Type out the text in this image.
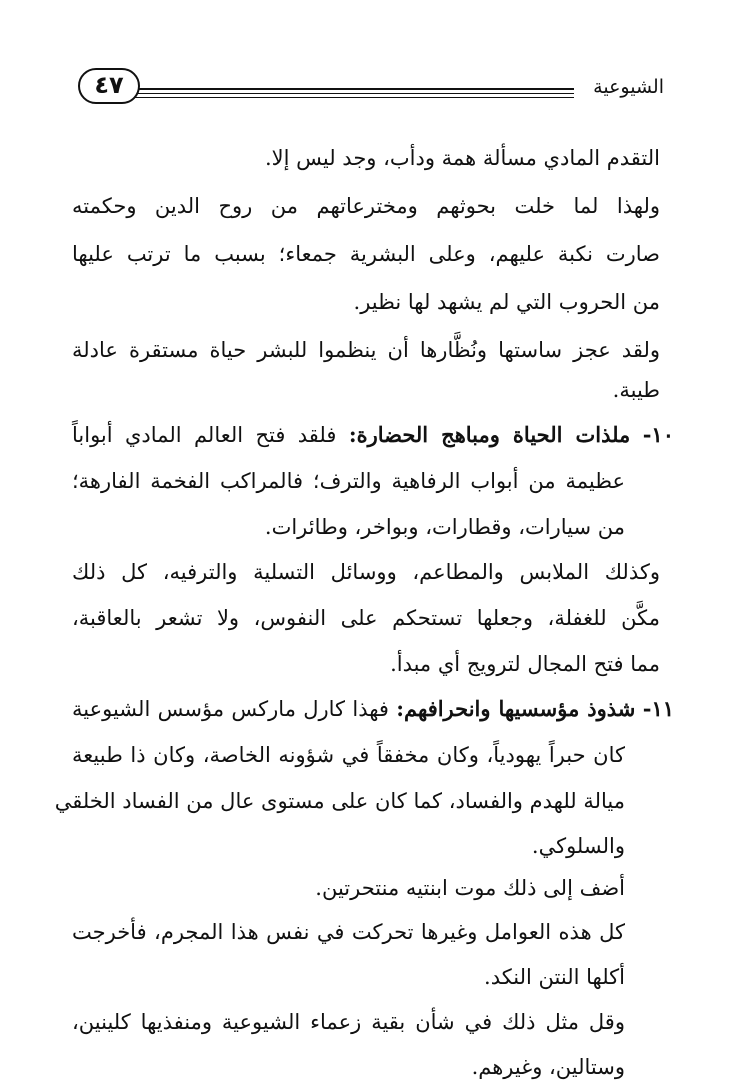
الشيوعية
٤٧
التقدم المادي مسألة همة ودأب، وجد ليس إلا.
ولهذا لما خلت بحوثهم ومخترعاتهم من روح الدين وحكمته
صارت نكبة عليهم، وعلى البشرية جمعاء؛ بسبب ما ترتب عليها
من الحروب التي لم يشهد لها نظير.
ولقد عجز ساستها ونُظَّارها أن ينظموا للبشر حياة مستقرة عادلة
طيبة.
١٠- ملذات الحياة ومباهج الحضارة: فلقد فتح العالم المادي أبواباً
عظيمة من أبواب الرفاهية والترف؛ فالمراكب الفخمة الفارهة؛
من سيارات، وقطارات، وبواخر، وطائرات.
وكذلك الملابس والمطاعم، ووسائل التسلية والترفيه، كل ذلك
مكَّن للغفلة، وجعلها تستحكم على النفوس، ولا تشعر بالعاقبة،
مما فتح المجال لترويج أي مبدأ.
١١- شذوذ مؤسسيها وانحرافهم: فهذا كارل ماركس مؤسس الشيوعية
كان حبراً يهودياً، وكان مخفقاً في شؤونه الخاصة، وكان ذا طبيعة
ميالة للهدم والفساد، كما كان على مستوى عال من الفساد الخلقي
والسلوكي.
أضف إلى ذلك موت ابنتيه منتحرتين.
كل هذه العوامل وغيرها تحركت في نفس هذا المجرم، فأخرجت
أكلها النتن النكد.
وقل مثل ذلك في شأن بقية زعماء الشيوعية ومنفذيها كلينين،
وستالين، وغيرهم.
